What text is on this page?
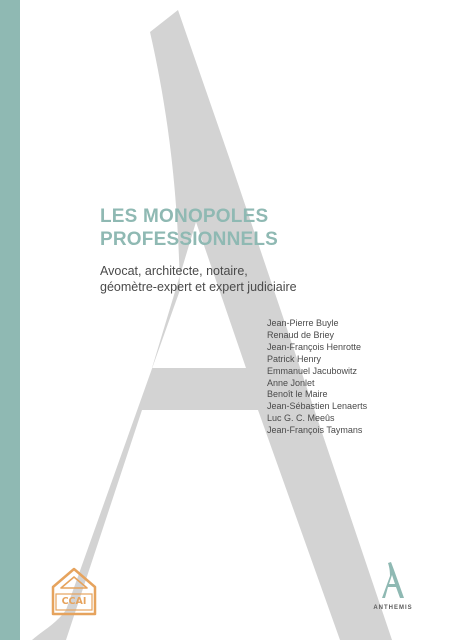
LES MONOPOLES
PROFESSIONNELS

Avocat, architecte, notaire,
géomètre-expert et expert judiciaire

Jean-Pierre Buyle
Renaud de Briey
Jean-François Henrotte
Patrick Henry
Emmanuel Jacubowitz
Anne Jonlet
Benoît le Maire
Jean-Sébastien Lenaerts
Luc G. C. Meeûs
Jean-François Taymans
CCAI
ANTHEMIS
